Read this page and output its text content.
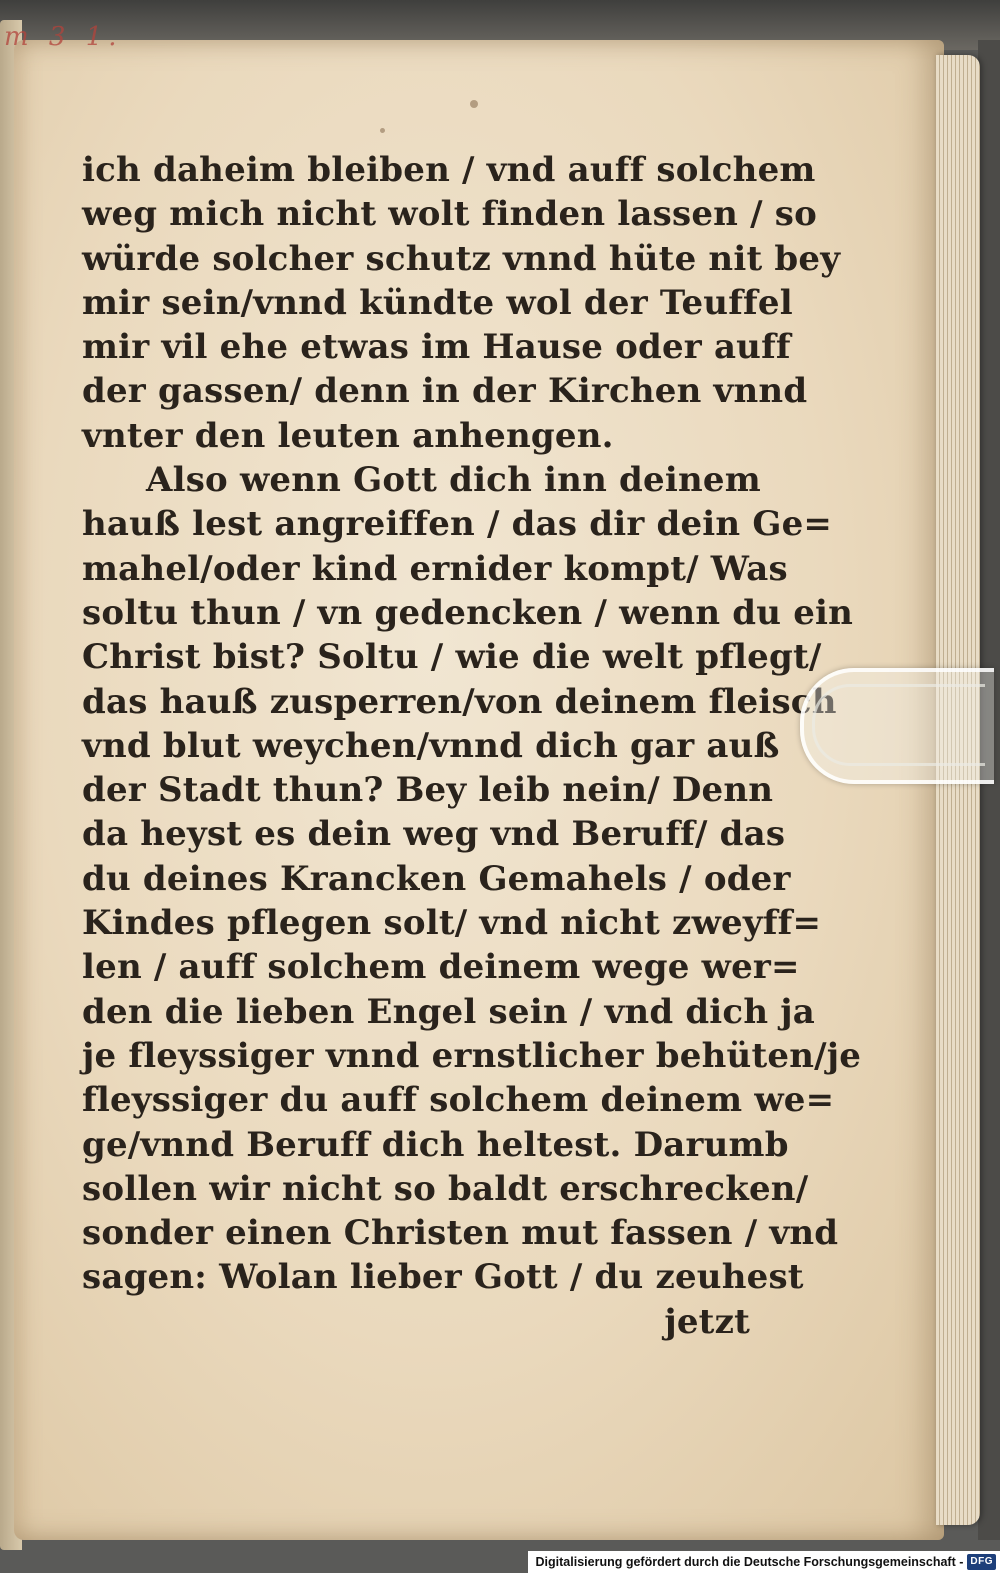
m 3 1.
ich daheim bleiben / vnd auff solchem
weg mich nicht wolt finden lassen / so
würde solcher schutz vnnd hüte nit bey
mir sein/vnnd kündte wol der Teuffel
mir vil ehe etwas im Hause oder auff
der gassen/ denn in der Kirchen vnnd
vnter den leuten anhengen.
Also wenn Gott dich inn deinem
hauß lest angreiffen / das dir dein Ge=
mahel/oder kind ernider kompt/ Was
soltu thun / vn gedencken / wenn du ein
Christ bist? Soltu / wie die welt pflegt/
das hauß zusperren/von deinem fleisch
vnd blut weychen/vnnd dich gar auß
der Stadt thun? Bey leib nein/ Denn
da heyst es dein weg vnd Beruff/ das
du deines Krancken Gemahels / oder
Kindes pflegen solt/ vnd nicht zweyff=
len / auff solchem deinem wege wer=
den die lieben Engel sein / vnd dich ja
je fleyssiger vnnd ernstlicher behüten/je
fleyssiger du auff solchem deinem we=
ge/vnnd Beruff dich heltest. Darumb
sollen wir nicht so baldt erschrecken/
sonder einen Christen mut fassen / vnd
sagen: Wolan lieber Gott / du zeuhest
jetzt
Digitalisierung gefördert durch die Deutsche Forschungsgemeinschaft - DFG
